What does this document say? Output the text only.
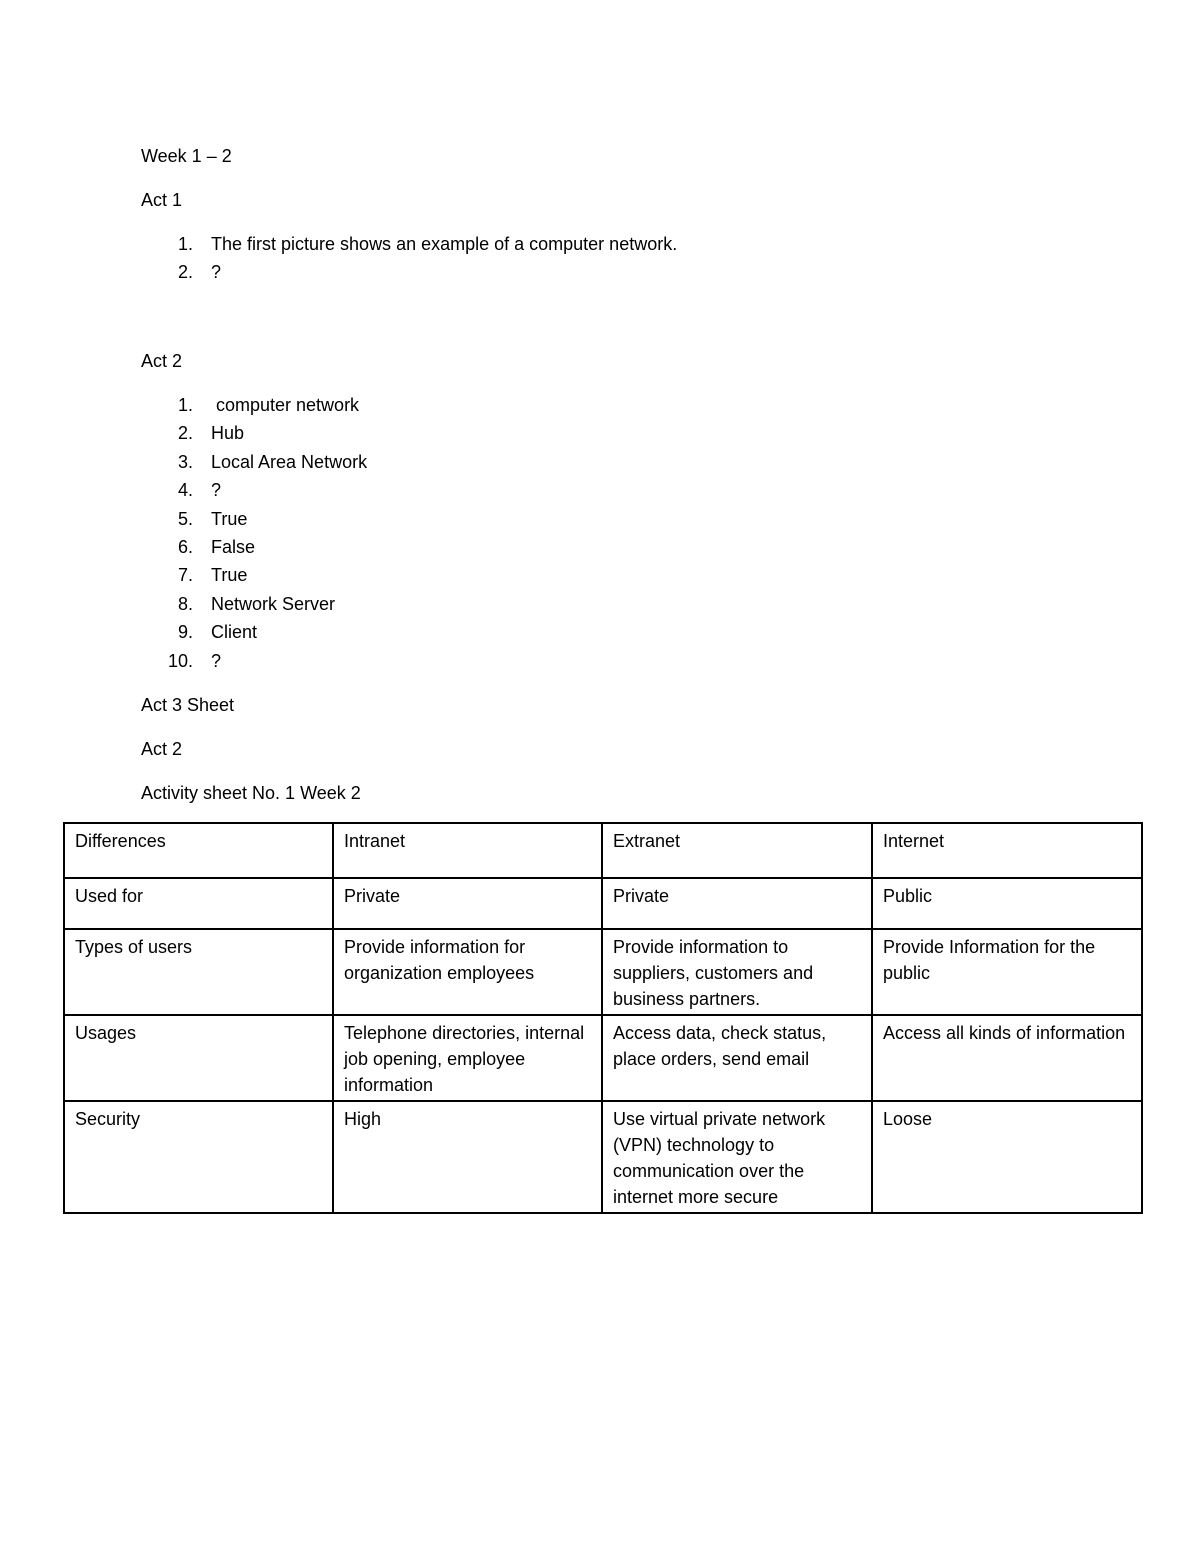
Week 1 – 2
Act 1
1. The first picture shows an example of a computer network.
2. ?
Act 2
1. computer network
2. Hub
3. Local Area Network
4. ?
5. True
6. False
7. True
8. Network Server
9. Client
10. ?
Act 3 Sheet
Act 2
Activity sheet No. 1 Week 2
Differences	Intranet	Extranet	Internet
Used for	Private	Private	Public
Types of users	Provide information for organization employees	Provide information to suppliers, customers and business partners.	Provide Information for the public
Usages	Telephone directories, internal job opening, employee information	Access data, check status, place orders, send email	Access all kinds of information
Security	High	Use virtual private network (VPN) technology to communication over the internet more secure	Loose
